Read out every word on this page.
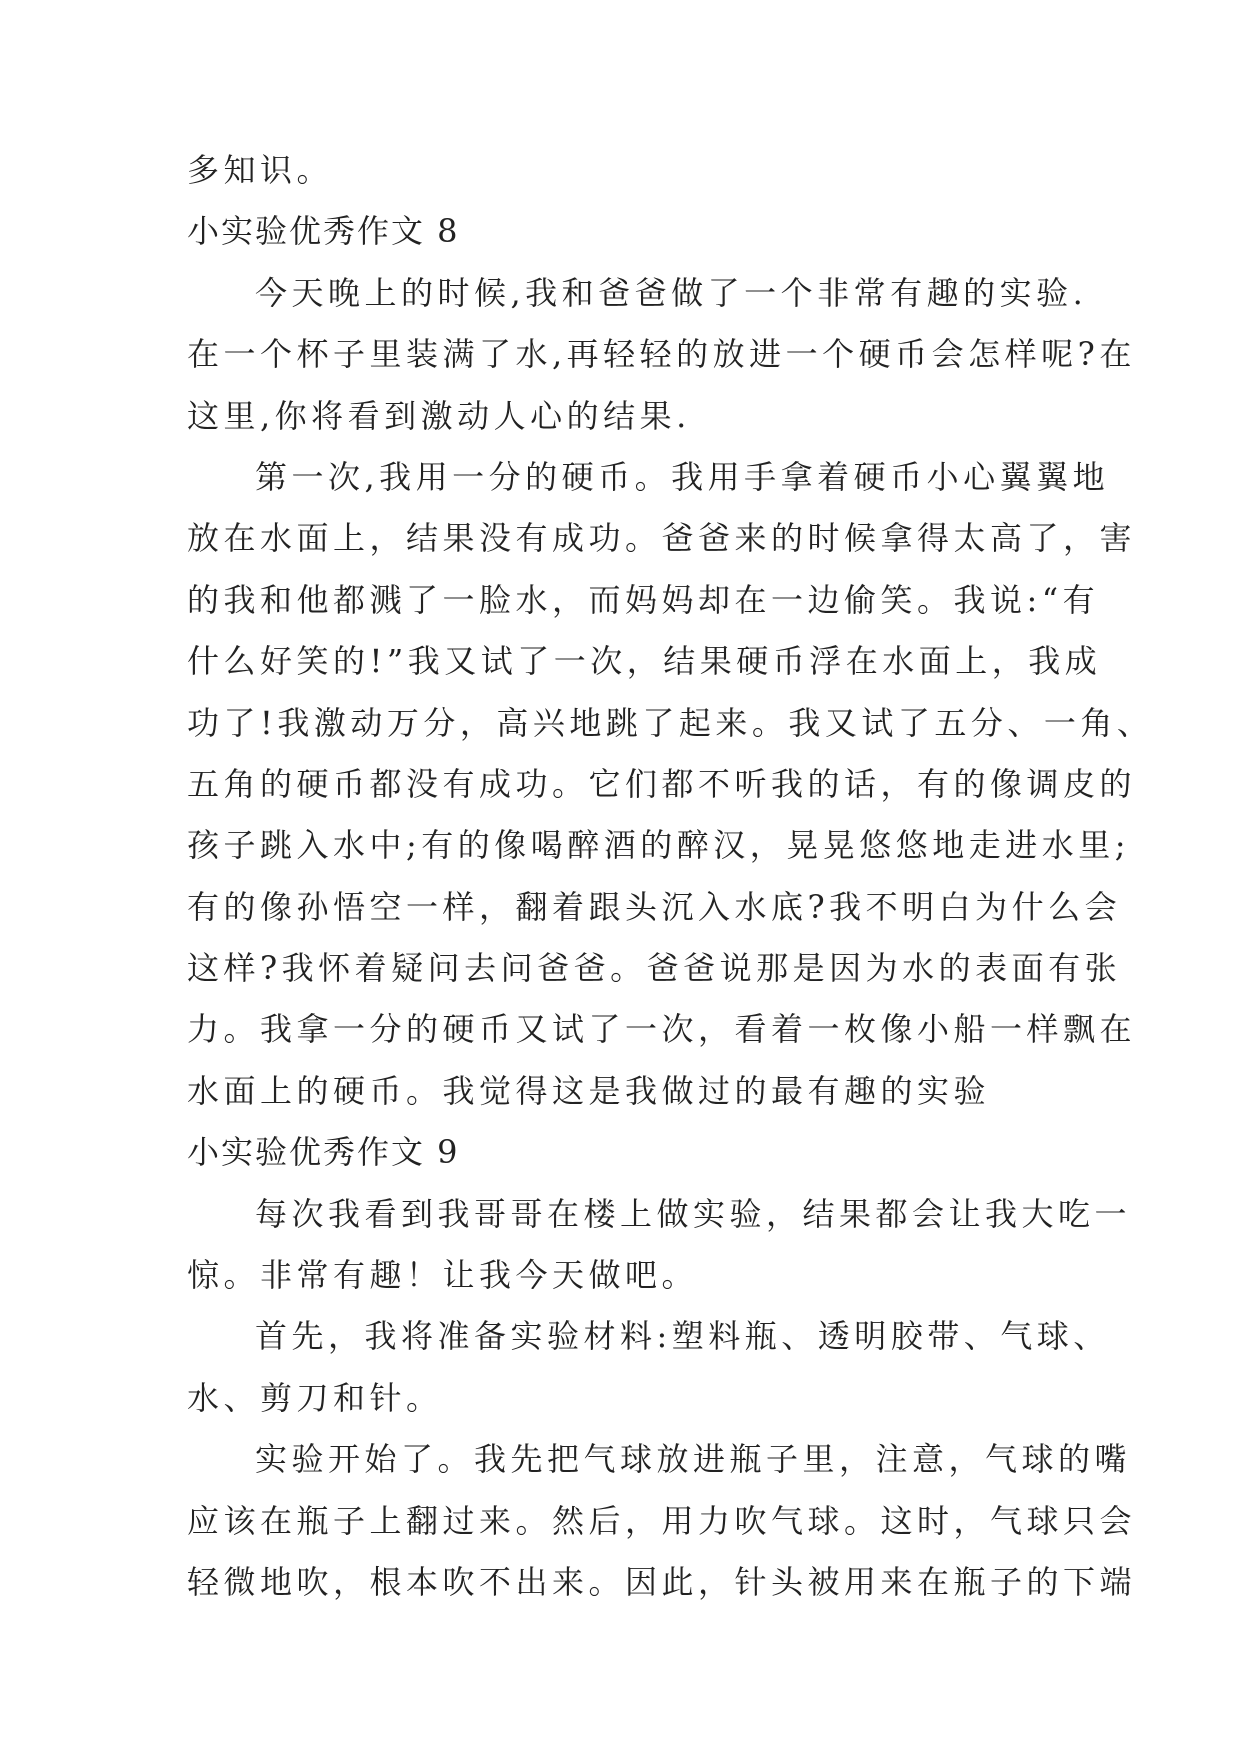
多知识。
小实验优秀作文 8
今天晚上的时候,我和爸爸做了一个非常有趣的实验.
在一个杯子里装满了水,再轻轻的放进一个硬币会怎样呢?在
这里,你将看到激动人心的结果.
第一次,我用一分的硬币。我用手拿着硬币小心翼翼地
放在水面上，结果没有成功。爸爸来的时候拿得太高了，害
的我和他都溅了一脸水，而妈妈却在一边偷笑。我说:“有
什么好笑的!”我又试了一次，结果硬币浮在水面上，我成
功了!我激动万分，高兴地跳了起来。我又试了五分、一角、
五角的硬币都没有成功。它们都不听我的话，有的像调皮的
孩子跳入水中;有的像喝醉酒的醉汉，晃晃悠悠地走进水里;
有的像孙悟空一样，翻着跟头沉入水底?我不明白为什么会
这样?我怀着疑问去问爸爸。爸爸说那是因为水的表面有张
力。我拿一分的硬币又试了一次，看着一枚像小船一样飘在
水面上的硬币。我觉得这是我做过的最有趣的实验
小实验优秀作文 9
每次我看到我哥哥在楼上做实验，结果都会让我大吃一
惊。非常有趣！让我今天做吧。
首先，我将准备实验材料:塑料瓶、透明胶带、气球、
水、剪刀和针。
实验开始了。我先把气球放进瓶子里，注意，气球的嘴
应该在瓶子上翻过来。然后，用力吹气球。这时，气球只会
轻微地吹，根本吹不出来。因此，针头被用来在瓶子的下端
